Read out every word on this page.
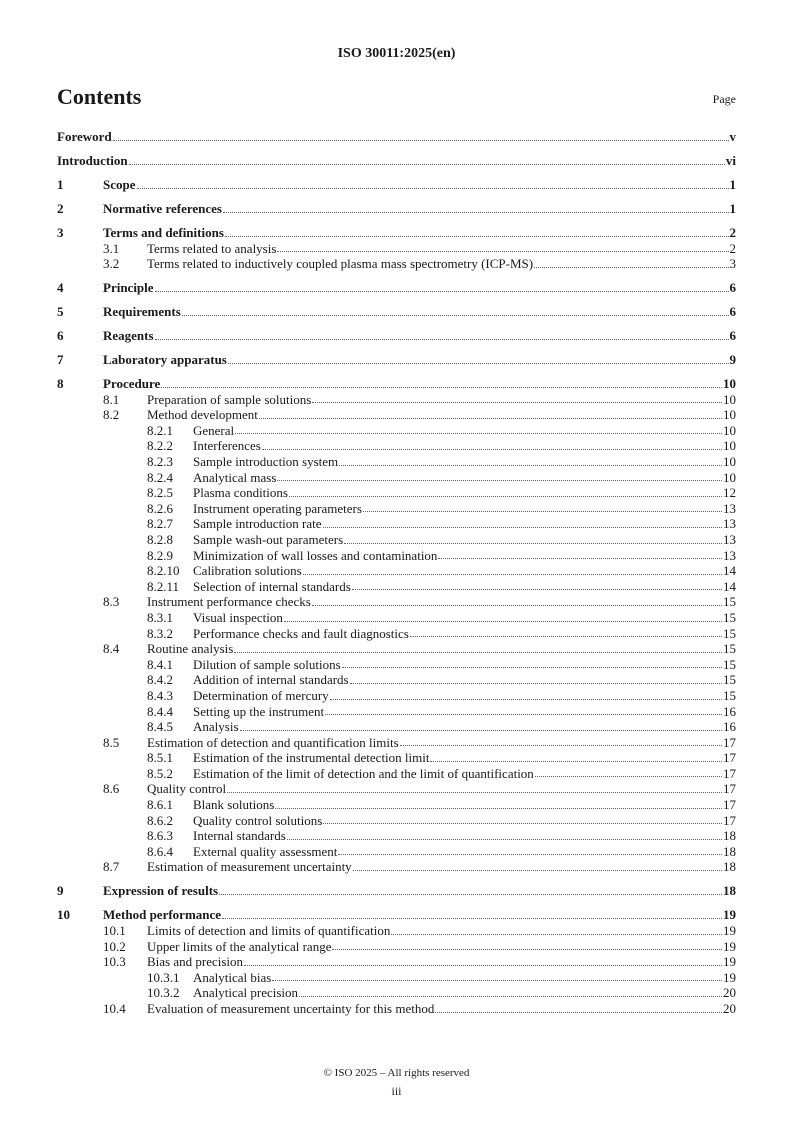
ISO 30011:2025(en)
Contents	Page
Foreword	v
Introduction	vi
1	Scope	1
2	Normative references	1
3	Terms and definitions	2
3.1 Terms related to analysis	2
3.2 Terms related to inductively coupled plasma mass spectrometry (ICP-MS)	3
4	Principle	6
5	Requirements	6
6	Reagents	6
7	Laboratory apparatus	9
8	Procedure	10
8.1 Preparation of sample solutions	10
8.2 Method development	10
8.2.1 General	10
8.2.2 Interferences	10
8.2.3 Sample introduction system	10
8.2.4 Analytical mass	10
8.2.5 Plasma conditions	12
8.2.6 Instrument operating parameters	13
8.2.7 Sample introduction rate	13
8.2.8 Sample wash-out parameters	13
8.2.9 Minimization of wall losses and contamination	13
8.2.10 Calibration solutions	14
8.2.11 Selection of internal standards	14
8.3 Instrument performance checks	15
8.3.1 Visual inspection	15
8.3.2 Performance checks and fault diagnostics	15
8.4 Routine analysis	15
8.4.1 Dilution of sample solutions	15
8.4.2 Addition of internal standards	15
8.4.3 Determination of mercury	15
8.4.4 Setting up the instrument	16
8.4.5 Analysis	16
8.5 Estimation of detection and quantification limits	17
8.5.1 Estimation of the instrumental detection limit	17
8.5.2 Estimation of the limit of detection and the limit of quantification	17
8.6 Quality control	17
8.6.1 Blank solutions	17
8.6.2 Quality control solutions	17
8.6.3 Internal standards	18
8.6.4 External quality assessment	18
8.7 Estimation of measurement uncertainty	18
9	Expression of results	18
10	Method performance	19
10.1 Limits of detection and limits of quantification	19
10.2 Upper limits of the analytical range	19
10.3 Bias and precision	19
10.3.1 Analytical bias	19
10.3.2 Analytical precision	20
10.4 Evaluation of measurement uncertainty for this method	20
© ISO 2025 – All rights reserved
iii
